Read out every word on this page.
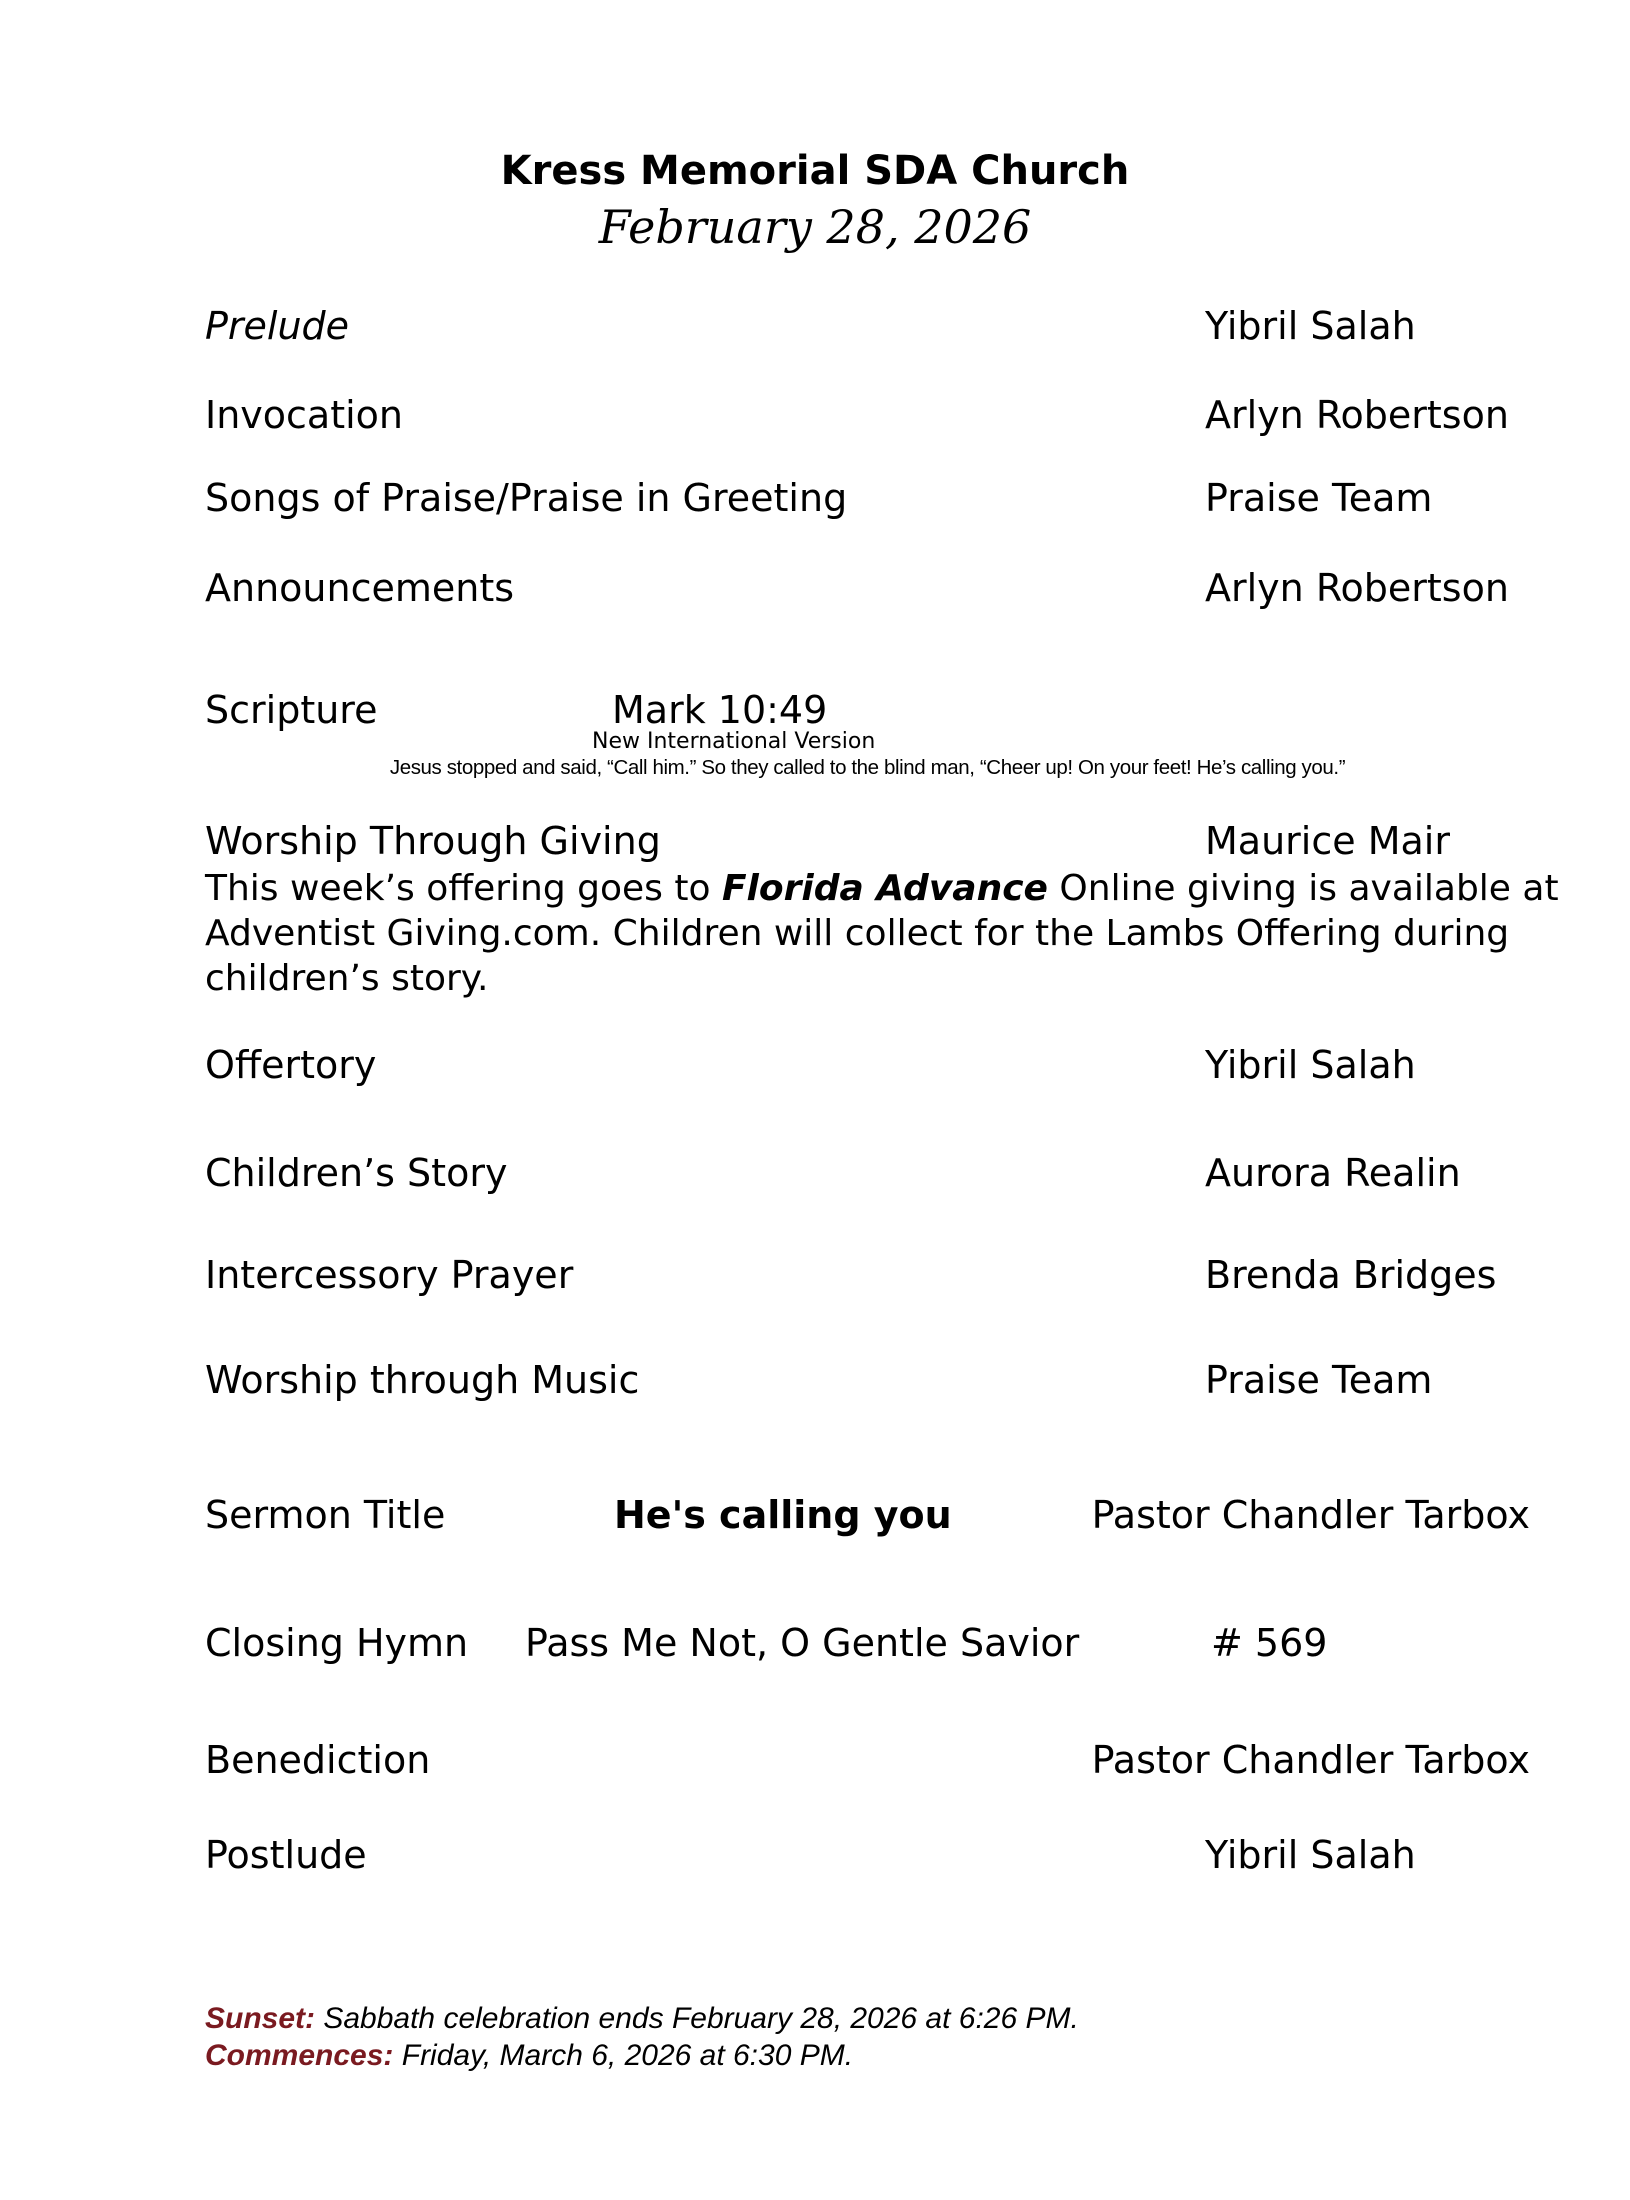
Kress Memorial SDA Church
February 28, 2026
Prelude	Yibril Salah
Invocation	Arlyn Robertson
Songs of Praise/Praise in Greeting	Praise Team
Announcements	Arlyn Robertson
Scripture	Mark 10:49
New International Version
Jesus stopped and said, “Call him.” So they called to the blind man, “Cheer up! On your feet! He’s calling you.”
Worship Through Giving	Maurice Mair
This week’s offering goes to Florida Advance Online giving is available at
Adventist Giving.com. Children will collect for the Lambs Offering during
children’s story.
Offertory	Yibril Salah
Children’s Story	Aurora Realin
Intercessory Prayer	Brenda Bridges
Worship through Music	Praise Team
Sermon Title	He's calling you	Pastor Chandler Tarbox
Closing Hymn Pass Me Not, O Gentle Savior	# 569
Benediction	Pastor Chandler Tarbox
Postlude	Yibril Salah
Sunset: Sabbath celebration ends February 28, 2026 at 6:26 PM.
Commences: Friday, March 6, 2026 at 6:30 PM.
